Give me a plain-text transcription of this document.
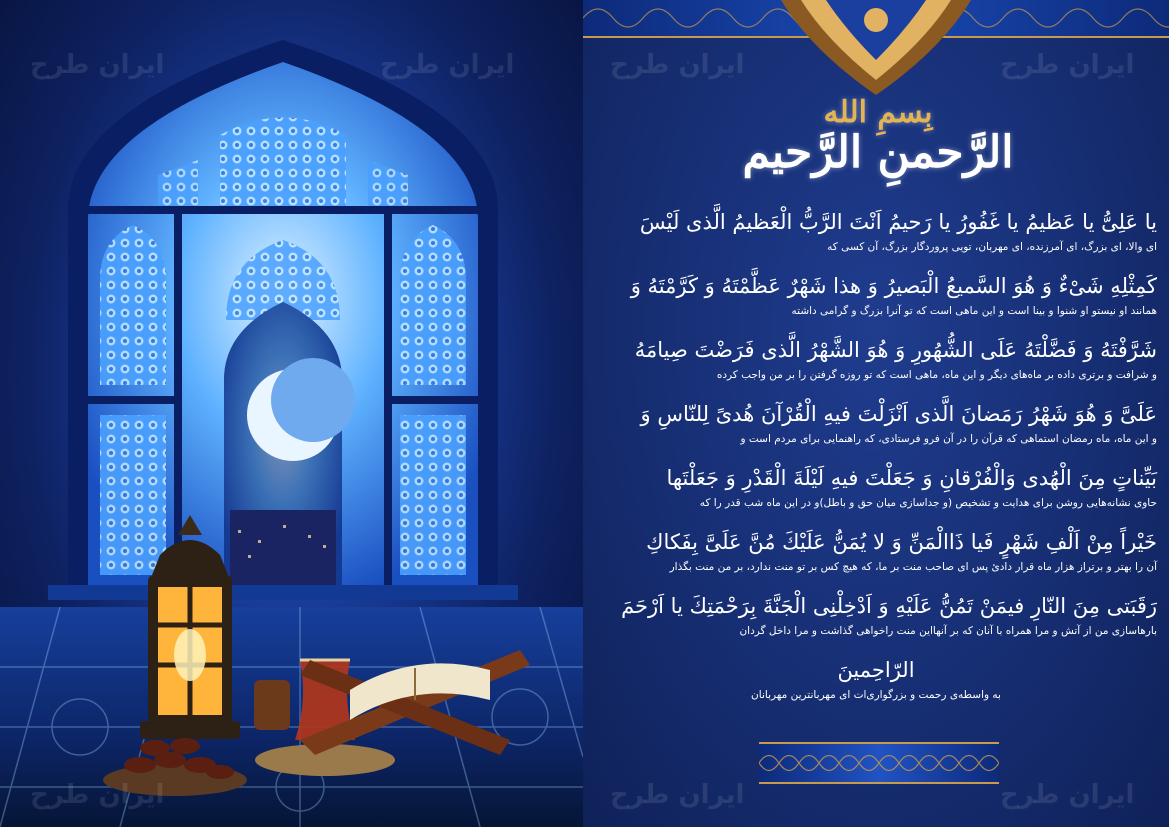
بِسمِ الله
الرَّحمنِ الرَّحیم
یا عَلِیُّ یا عَظیمُ یا غَفُورُ یا رَحیمُ اَنْتَ الرَّبُّ الْعَظیمُ الَّذی لَیْسَ
ای والا، ای بزرگ، ای آمرزنده، ای مهربان، تویی پروردگار بزرگ، آن کسی که
کَمِثْلِهِ شَیْءٌ وَ هُوَ السَّمیعُ الْبَصیرُ وَ هذا شَهْرٌ عَظَّمْتَهُ وَ کَرَّمْتَهُ وَ
همانند او نیستو او شنوا و بینا است و این ماهی است که تو آنرا بزرگ و گرامی داشته
شَرَّفْتَهُ وَ فَضَّلْتَهُ عَلَی الشُّهُورِ وَ هُوَ الشَّهْرُ الَّذی فَرَضْتَ صِیامَهُ
و شرافت و برتری داده بر ماه‌های دیگر و این ماه، ماهی است که تو روزه گرفتن را بر من واجب کرده
عَلَیَّ وَ هُوَ شَهْرُ رَمَضانَ الَّذی اَنْزَلْتَ فیهِ الْقُرْآنَ هُدیً لِلنّاسِ وَ
و این ماه، ماه رمضان استماهی که قرآن را در آن فرو فرستادی، که راهنمایی برای مردم است و
بَیِّناتٍ مِنَ الْهُدی وَالْفُرْقانِ وَ جَعَلْتَ فیهِ لَیْلَةَ الْقَدْرِ وَ جَعَلْتَها
حاوی نشانه‌هایی روشن برای هدایت و تشخیص (و جداسازی میان حق و باطل)و در این ماه شب قدر را که
خَیْراً مِنْ اَلْفِ شَهْرٍ فَیا ذَاالْمَنِّ وَ لا یُمَنُّ عَلَیْكَ مُنَّ عَلَیَّ بِفَكاكِ
آن را بهتر و برتراز هزار ماه قرار دادیٔ پس ای صاحب منت بر ما، که هیچ کس بر تو منت ندارد، بر من منت بگذار
رَقَبَتی مِنَ النّارِ فیمَنْ تَمُنُّ عَلَیْهِ وَ اَدْخِلْنِی الْجَنَّةَ بِرَحْمَتِكَ یا اَرْحَمَ
بارهاسازی من از آتش و مرا همراه با آنان که بر آنهااین منت راخواهی گذاشت و مرا داخل گردان
الرّاحِمینَ
به واسطه‌ی رحمت و بزرگواری‌ات ای مهربانترین مهربانان
